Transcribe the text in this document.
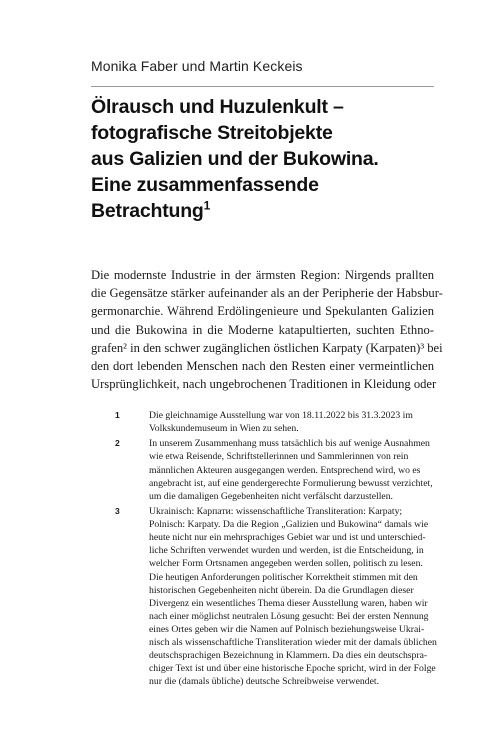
Monika Faber und Martin Keckeis
Ölrausch und Huzulenkult –
fotografische Streitobjekte
aus Galizien und der Bukowina.
Eine zusammenfassende
Betrachtung$^1$
Die modernste Industrie in der ärmsten Region: Nirgends prallten
die Gegensätze stärker aufeinander als an der Peripherie der Habsbur-
germonarchie. Während Erdölingenieure und Spekulanten Galizien
und die Bukowina in die Moderne katapultierten, suchten Ethno-
grafen² in den schwer zugänglichen östlichen Karpaty (Karpaten)³ bei
den dort lebenden Menschen nach den Resten einer vermeintlichen
Ursprünglichkeit, nach ungebrochenen Traditionen in Kleidung oder
1	Die gleichnamige Ausstellung war von 18.11.2022 bis 31.3.2023 im
Volkskundemuseum in Wien zu sehen.
2	In unserem Zusammenhang muss tatsächlich bis auf wenige Ausnahmen
wie etwa Reisende, Schriftstellerinnen und Sammlerinnen von rein
männlichen Akteuren ausgegangen werden. Entsprechend wird, wo es
angebracht ist, auf eine gendergerechte Formulierung bewusst verzichtet,
um die damaligen Gegebenheiten nicht verfälscht darzustellen.
3	Ukrainisch: Карпати: wissenschaftliche Transliteration: Karpaty;
Polnisch: Karpaty. Da die Region „Galizien und Bukowina“ damals wie
heute nicht nur ein mehrsprachiges Gebiet war und ist und unterschied-
liche Schriften verwendet wurden und werden, ist die Entscheidung, in
welcher Form Ortsnamen angegeben werden sollen, politisch zu lesen.
Die heutigen Anforderungen politischer Korrektheit stimmen mit den
historischen Gegebenheiten nicht überein. Da die Grundlagen dieser
Divergenz ein wesentliches Thema dieser Ausstellung waren, haben wir
nach einer möglichst neutralen Lösung gesucht: Bei der ersten Nennung
eines Ortes geben wir die Namen auf Polnisch beziehungsweise Ukrai-
nisch als wissenschaftliche Transliteration wieder mit der damals üblichen
deutschsprachigen Bezeichnung in Klammern. Da dies ein deutschspra-
chiger Text ist und über eine historische Epoche spricht, wird in der Folge
nur die (damals übliche) deutsche Schreibweise verwendet.
